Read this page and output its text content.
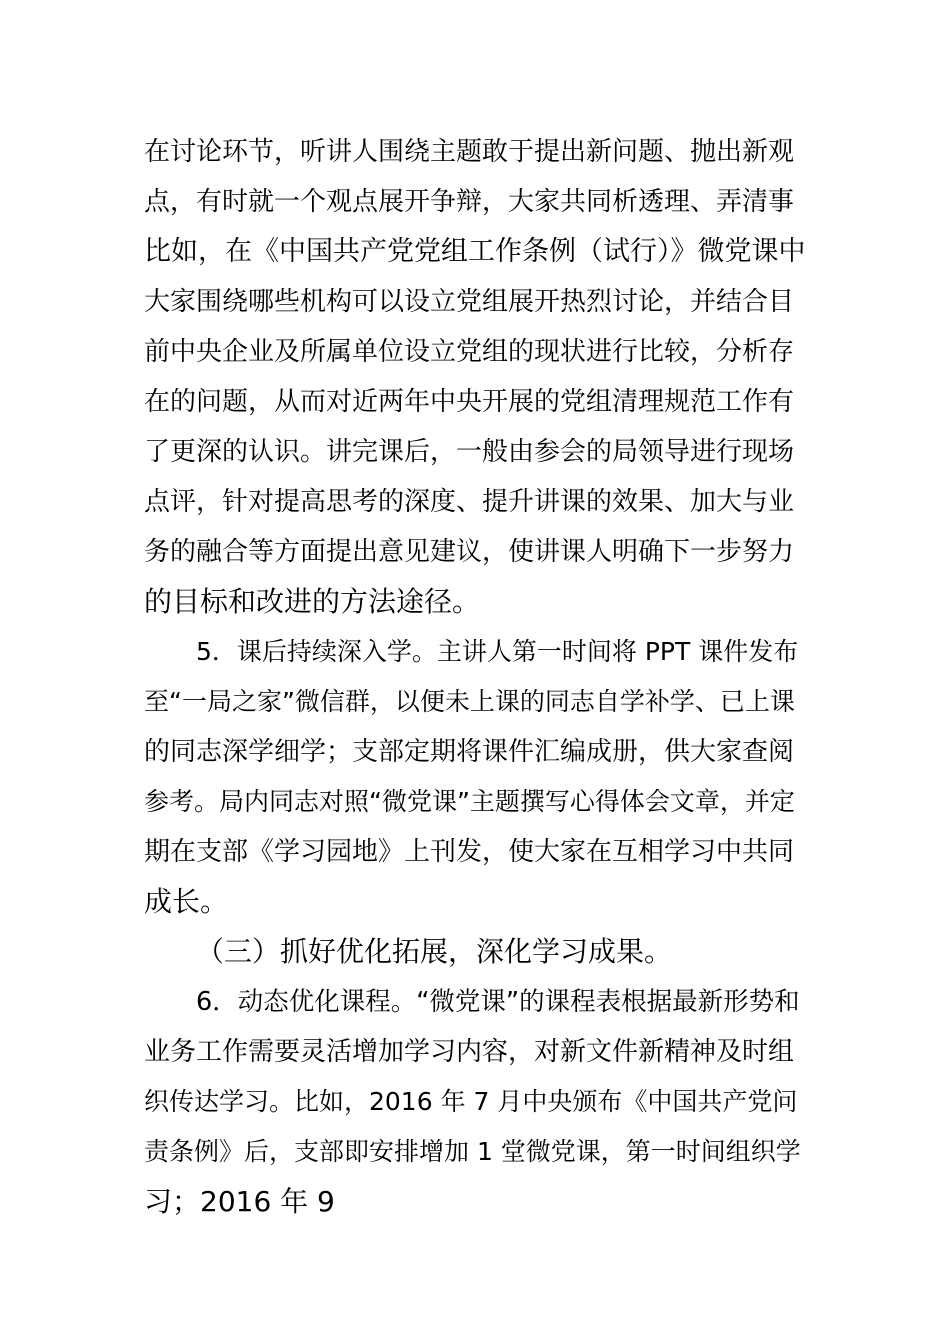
在讨论环节，听讲人围绕主题敢于提出新问题、抛出新观
点，有时就一个观点展开争辩，大家共同析透理、弄清事
比如，在《中国共产党党组工作条例（试行）》微党课中
大家围绕哪些机构可以设立党组展开热烈讨论，并结合目
前中央企业及所属单位设立党组的现状进行比较，分析存
在的问题，从而对近两年中央开展的党组清理规范工作有
了更深的认识。讲完课后，一般由参会的局领导进行现场
点评，针对提高思考的深度、提升讲课的效果、加大与业
务的融合等方面提出意见建议，使讲课人明确下一步努力
的目标和改进的方法途径。
5．课后持续深入学。主讲人第一时间将 PPT 课件发布
至“一局之家”微信群，以便未上课的同志自学补学、已上课
的同志深学细学；支部定期将课件汇编成册，供大家查阅
参考。局内同志对照“微党课”主题撰写心得体会文章，并定
期在支部《学习园地》上刊发，使大家在互相学习中共同
成长。
（三）抓好优化拓展，深化学习成果。
6．动态优化课程。“微党课”的课程表根据最新形势和
业务工作需要灵活增加学习内容，对新文件新精神及时组
织传达学习。比如，2016 年 7 月中央颁布《中国共产党问
责条例》后，支部即安排增加 1 堂微党课，第一时间组织学
习；2016 年 9
